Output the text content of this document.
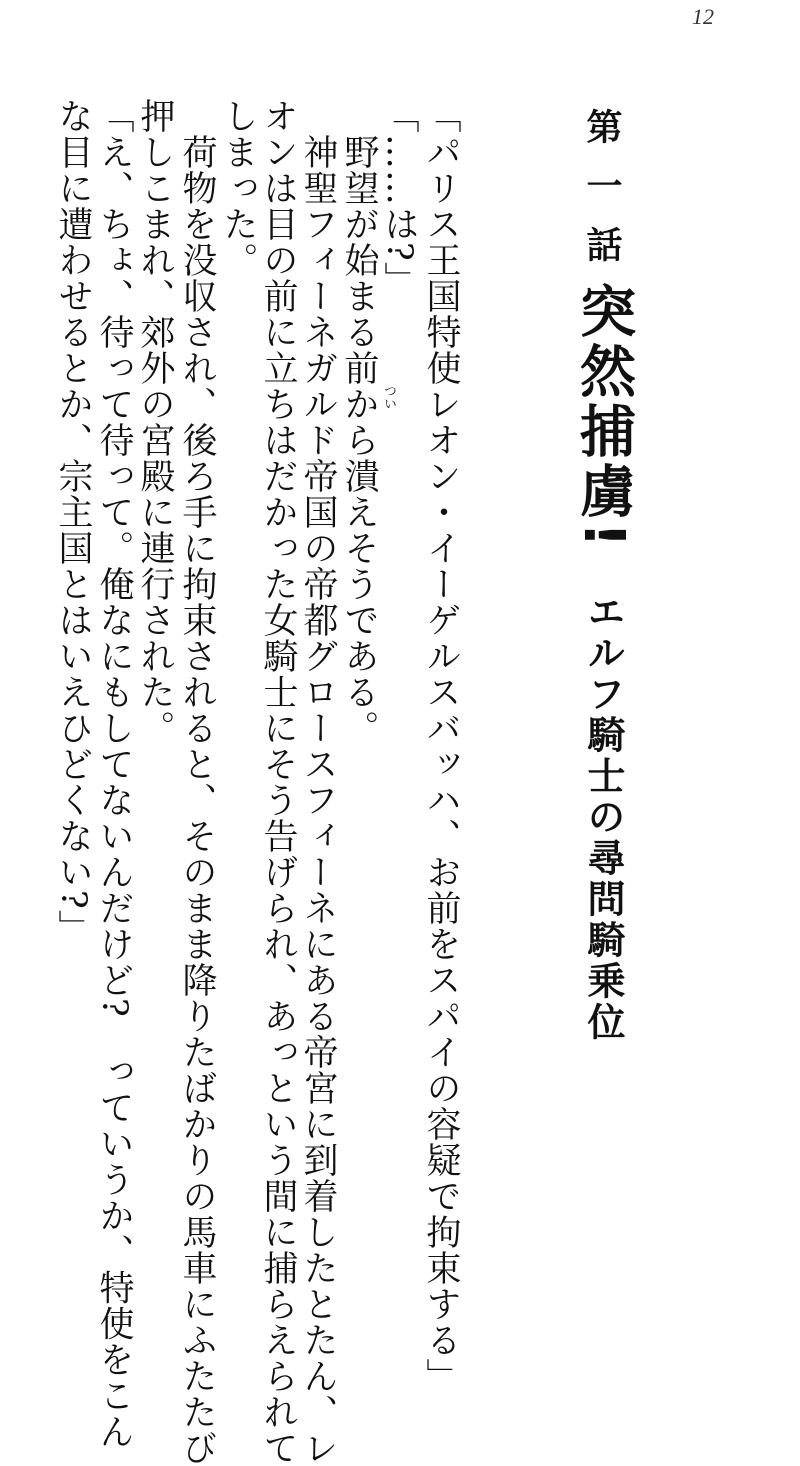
12
第一話
突然捕虜!
エルフ騎士の尋問騎乗位
「パリス王国特使レオン・イーゲルスバッハ、お前をスパイの容疑で拘束する」
「……は?」
　野望が始まる前から潰えそうである。
　神聖フィーネガルド帝国の帝都グロースフィーネにある帝宮に到着したとたん、レ
オンは目の前に立ちはだかった女騎士にそう告げられ、あっという間に捕らえられて
しまった。
　荷物を没収され、後ろ手に拘束されると、そのまま降りたばかりの馬車にふたたび
押しこまれ、郊外の宮殿に連行された。
「え、ちょ、待って待って。俺なにもしてないんだけど?　っていうか、特使をこん
な目に遭わせるとか、宗主国とはいえひどくない?」	つい
